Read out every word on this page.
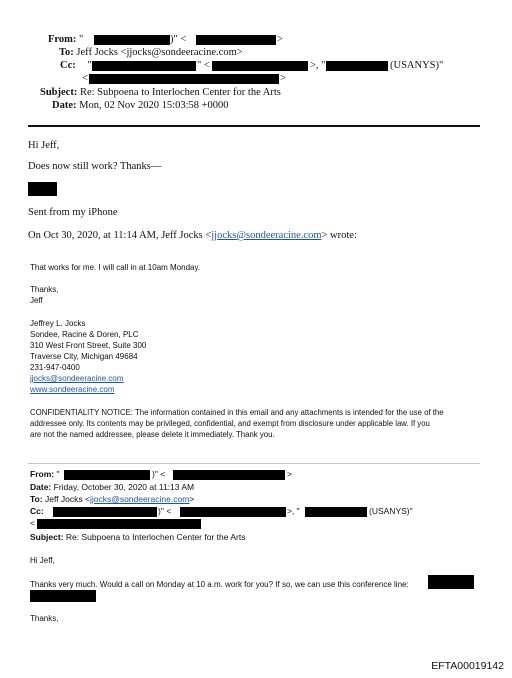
From: "	)" <	>
To: Jeff Jocks <jjocks@sondeeracine.com>
Cc: "	" <	>, "	(USANYS)"
<	>
Subject: Re: Subpoena to Interlochen Center for the Arts
Date: Mon, 02 Nov 2020 15:03:58 +0000
Hi Jeff,
Does now still work? Thanks—
Sent from my iPhone
On Oct 30, 2020, at 11:14 AM, Jeff Jocks <jjocks@sondeeracine.com> wrote:
That works for me. I will call in at 10am Monday.
Thanks,
Jeff
Jeffrey L. Jocks
Sondee, Racine & Doren, PLC
310 West Front Street, Suite 300
Traverse City, Michigan 49684
231-947-0400
jjocks@sondeeracine.com
www.sondeeracine.com
CONFIDENTIALITY NOTICE: The information contained in this email and any attachments is intended for the use of the
addressee only. Its contents may be privileged, confidential, and exempt from disclosure under applicable law. If you
are not the named addressee, please delete it immediately. Thank you.
From: "	)" <	>
Date: Friday, October 30, 2020 at 11:13 AM
To: Jeff Jocks <jjocks@sondeeracine.com>
Cc:	)" <	>, "	(USANYS)"
<
Subject: Re: Subpoena to Interlochen Center for the Arts
Hi Jeff,
Thanks very much. Would a call on Monday at 10 a.m. work for you? If so, we can use this conference line:
Thanks,
EFTA00019142
